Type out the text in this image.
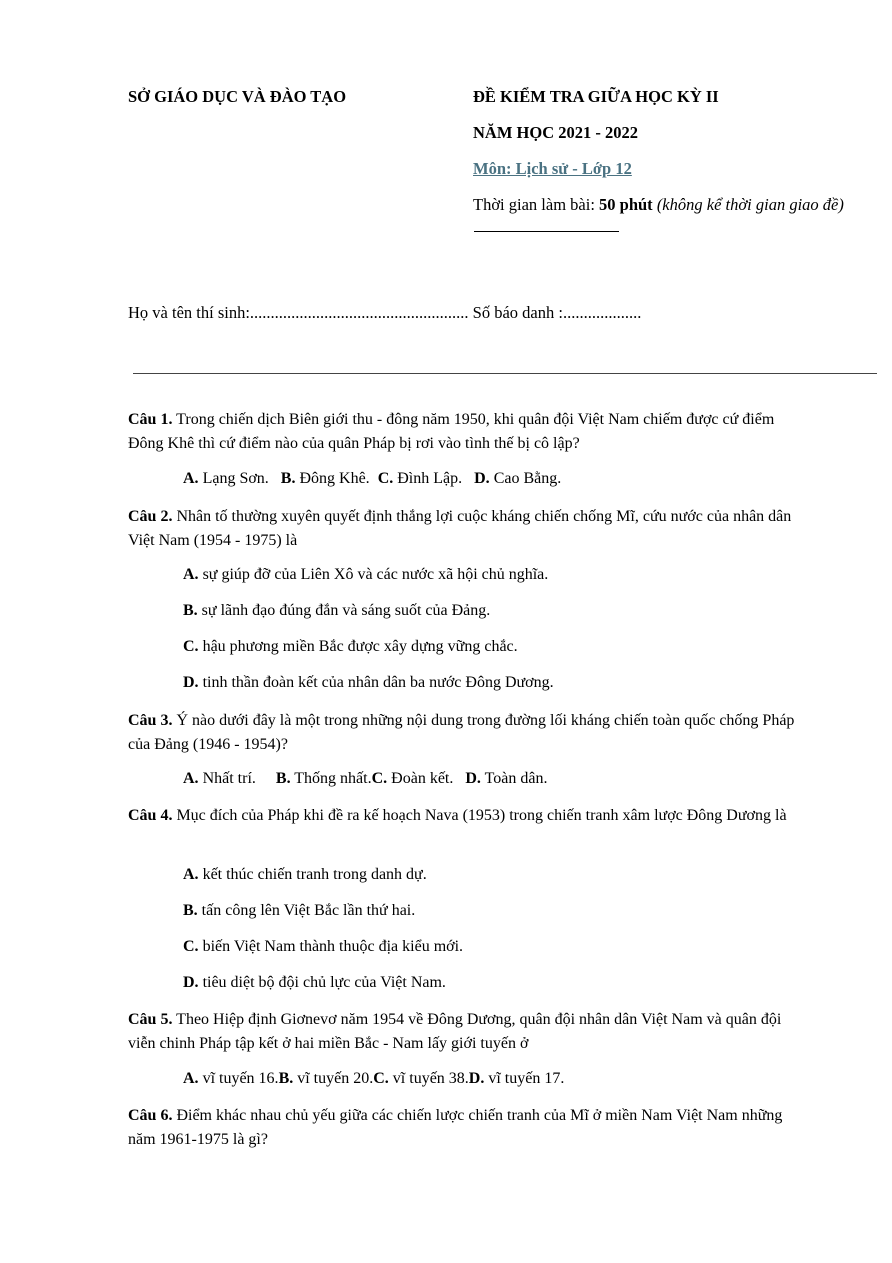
SỞ GIÁO DỤC VÀ ĐÀO TẠO	ĐỀ KIỂM TRA GIỮA HỌC KỲ II
NĂM HỌC 2021 - 2022
Môn: Lịch sử - Lớp 12
Thời gian làm bài: 50 phút (không kể thời gian giao đề)
Họ và tên thí sinh:..................................................... Số báo danh :...................
Câu 1. Trong chiến dịch Biên giới thu - đông năm 1950, khi quân đội Việt Nam chiếm được cứ điểm Đông Khê thì cứ điểm nào của quân Pháp bị rơi vào tình thế bị cô lập?
A. Lạng Sơn.   B. Đông Khê.  C. Đình Lập.   D. Cao Bằng.
Câu 2. Nhân tố thường xuyên quyết định thắng lợi cuộc kháng chiến chống Mĩ, cứu nước của nhân dân Việt Nam (1954 - 1975) là
A. sự giúp đỡ của Liên Xô và các nước xã hội chủ nghĩa.
B. sự lãnh đạo đúng đắn và sáng suốt của Đảng.
C. hậu phương miền Bắc được xây dựng vững chắc.
D. tinh thần đoàn kết của nhân dân ba nước Đông Dương.
Câu 3. Ý nào dưới đây là một trong những nội dung trong đường lối kháng chiến toàn quốc chống Pháp của Đảng (1946 - 1954)?
A. Nhất trí.     B. Thống nhất.C. Đoàn kết.   D. Toàn dân.
Câu 4. Mục đích của Pháp khi đề ra kế hoạch Nava (1953) trong chiến tranh xâm lược Đông Dương là
A. kết thúc chiến tranh trong danh dự.
B. tấn công lên Việt Bắc lần thứ hai.
C. biến Việt Nam thành thuộc địa kiểu mới.
D. tiêu diệt bộ đội chủ lực của Việt Nam.
Câu 5. Theo Hiệp định Giơnevơ năm 1954 về Đông Dương, quân đội nhân dân Việt Nam và quân đội viễn chinh Pháp tập kết ở hai miền Bắc - Nam lấy giới tuyến ở
A. vĩ tuyến 16.B. vĩ tuyến 20.C. vĩ tuyến 38.D. vĩ tuyến 17.
Câu 6. Điểm khác nhau chủ yếu giữa các chiến lược chiến tranh của Mĩ ở miền Nam Việt Nam những năm 1961-1975 là gì?
